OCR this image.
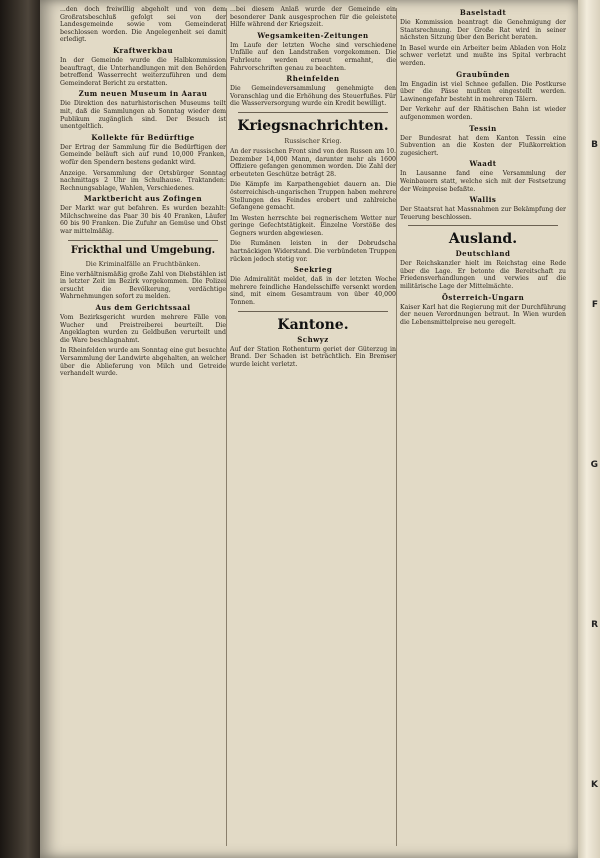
...den doch freiwillig abgeholt und von dem Großratsbeschluß gefolgt sei von der Landesgemeinde sowie vom Gemeinderat beschlossen worden. Die Angelegenheit sei damit erledigt.

Kraftwerkbau

In der Gemeinde wurde die Halbkommission beauftragt, die Unterhandlungen mit den Behörden betreffend Wasserrecht weiterzuführen und dem Gemeinderat Bericht zu erstatten.

Zum neuen Museum in Aarau

Die Direktion des naturhistorischen Museums teilt mit, daß die Sammlungen ab Sonntag wieder dem Publikum zugänglich sind. Der Besuch ist unentgeltlich.

Kollekte für Bedürftige

Der Ertrag der Sammlung für die Bedürftigen der Gemeinde beläuft sich auf rund 10,000 Franken, wofür den Spendern bestens gedankt wird.

Anzeige. Versammlung der Ortsbürger Sonntag nachmittags 2 Uhr im Schulhause. Traktanden: Rechnungsablage, Wahlen, Verschiedenes.

Marktbericht aus Zofingen

Der Markt war gut befahren. Es wurden bezahlt: Milchschweine das Paar 30 bis 40 Franken, Läufer 60 bis 90 Franken. Die Zufuhr an Gemüse und Obst war mittelmäßig.

Frickthal und Umgebung.
Die Kriminalfälle an Fruchtbänken.

Eine verhältnismäßig große Zahl von Diebstählen ist in letzter Zeit im Bezirk vorgekommen. Die Polizei ersucht die Bevölkerung, verdächtige Wahrnehmungen sofort zu melden.

Aus dem Gerichtssaal

Vom Bezirksgericht wurden mehrere Fälle von Wucher und Preistreiberei beurteilt. Die Angeklagten wurden zu Geldbußen verurteilt und die Ware beschlagnahmt.

In Rheinfelden wurde am Sonntag eine gut besuchte Versammlung der Landwirte abgehalten, an welcher über die Ablieferung von Milch und Getreide verhandelt wurde.

...bei diesem Anlaß wurde der Gemeinde ein besonderer Dank ausgesprochen für die geleistete Hilfe während der Kriegszeit.

Wegsamkeiten-Zeitungen

Im Laufe der letzten Woche sind verschiedene Unfälle auf den Landstraßen vorgekommen. Die Fuhrleute werden erneut ermahnt, die Fahrvorschriften genau zu beachten.

Rheinfelden

Die Gemeindeversammlung genehmigte den Voranschlag und die Erhöhung des Steuerfußes. Für die Wasserversorgung wurde ein Kredit bewilligt.

Kriegsnachrichten.
Russischer Krieg.

An der russischen Front sind von den Russen am 10. Dezember 14,000 Mann, darunter mehr als 1600 Offiziere gefangen genommen worden. Die Zahl der erbeuteten Geschütze beträgt 28.

Die Kämpfe im Karpathengebiet dauern an. Die österreichisch-ungarischen Truppen haben mehrere Stellungen des Feindes erobert und zahlreiche Gefangene gemacht.

Im Westen herrschte bei regnerischem Wetter nur geringe Gefechtstätigkeit. Einzelne Vorstöße des Gegners wurden abgewiesen.

Die Rumänen leisten in der Dobrudscha hartnäckigen Widerstand. Die verbündeten Truppen rücken jedoch stetig vor.

Seekrieg

Die Admiralität meldet, daß in der letzten Woche mehrere feindliche Handelsschiffe versenkt worden sind, mit einem Gesamtraum von über 40,000 Tonnen.

Kantone.
Schwyz

Auf der Station Rothenturm geriet der Güterzug in Brand. Der Schaden ist beträchtlich. Ein Bremser wurde leicht verletzt.

Baselstadt

Die Kommission beantragt die Genehmigung der Staatsrechnung. Der Große Rat wird in seiner nächsten Sitzung über den Bericht beraten.

In Basel wurde ein Arbeiter beim Abladen von Holz schwer verletzt und mußte ins Spital verbracht werden.

Graubünden

Im Engadin ist viel Schnee gefallen. Die Postkurse über die Pässe mußten eingestellt werden. Lawinengefahr besteht in mehreren Tälern.

Der Verkehr auf der Rhätischen Bahn ist wieder aufgenommen worden.

Tessin

Der Bundesrat hat dem Kanton Tessin eine Subvention an die Kosten der Flußkorrektion zugesichert.

Waadt

In Lausanne fand eine Versammlung der Weinbauern statt, welche sich mit der Festsetzung der Weinpreise befaßte.

Wallis

Der Staatsrat hat Massnahmen zur Bekämpfung der Teuerung beschlossen.

Ausland.
Deutschland

Der Reichskanzler hielt im Reichstag eine Rede über die Lage. Er betonte die Bereitschaft zu Friedensverhandlungen und verwies auf die militärische Lage der Mittelmächte.

Österreich-Ungarn

Kaiser Karl hat die Regierung mit der Durchführung der neuen Verordnungen betraut. In Wien wurden die Lebensmittelpreise neu geregelt.

B
F
G
R
K
